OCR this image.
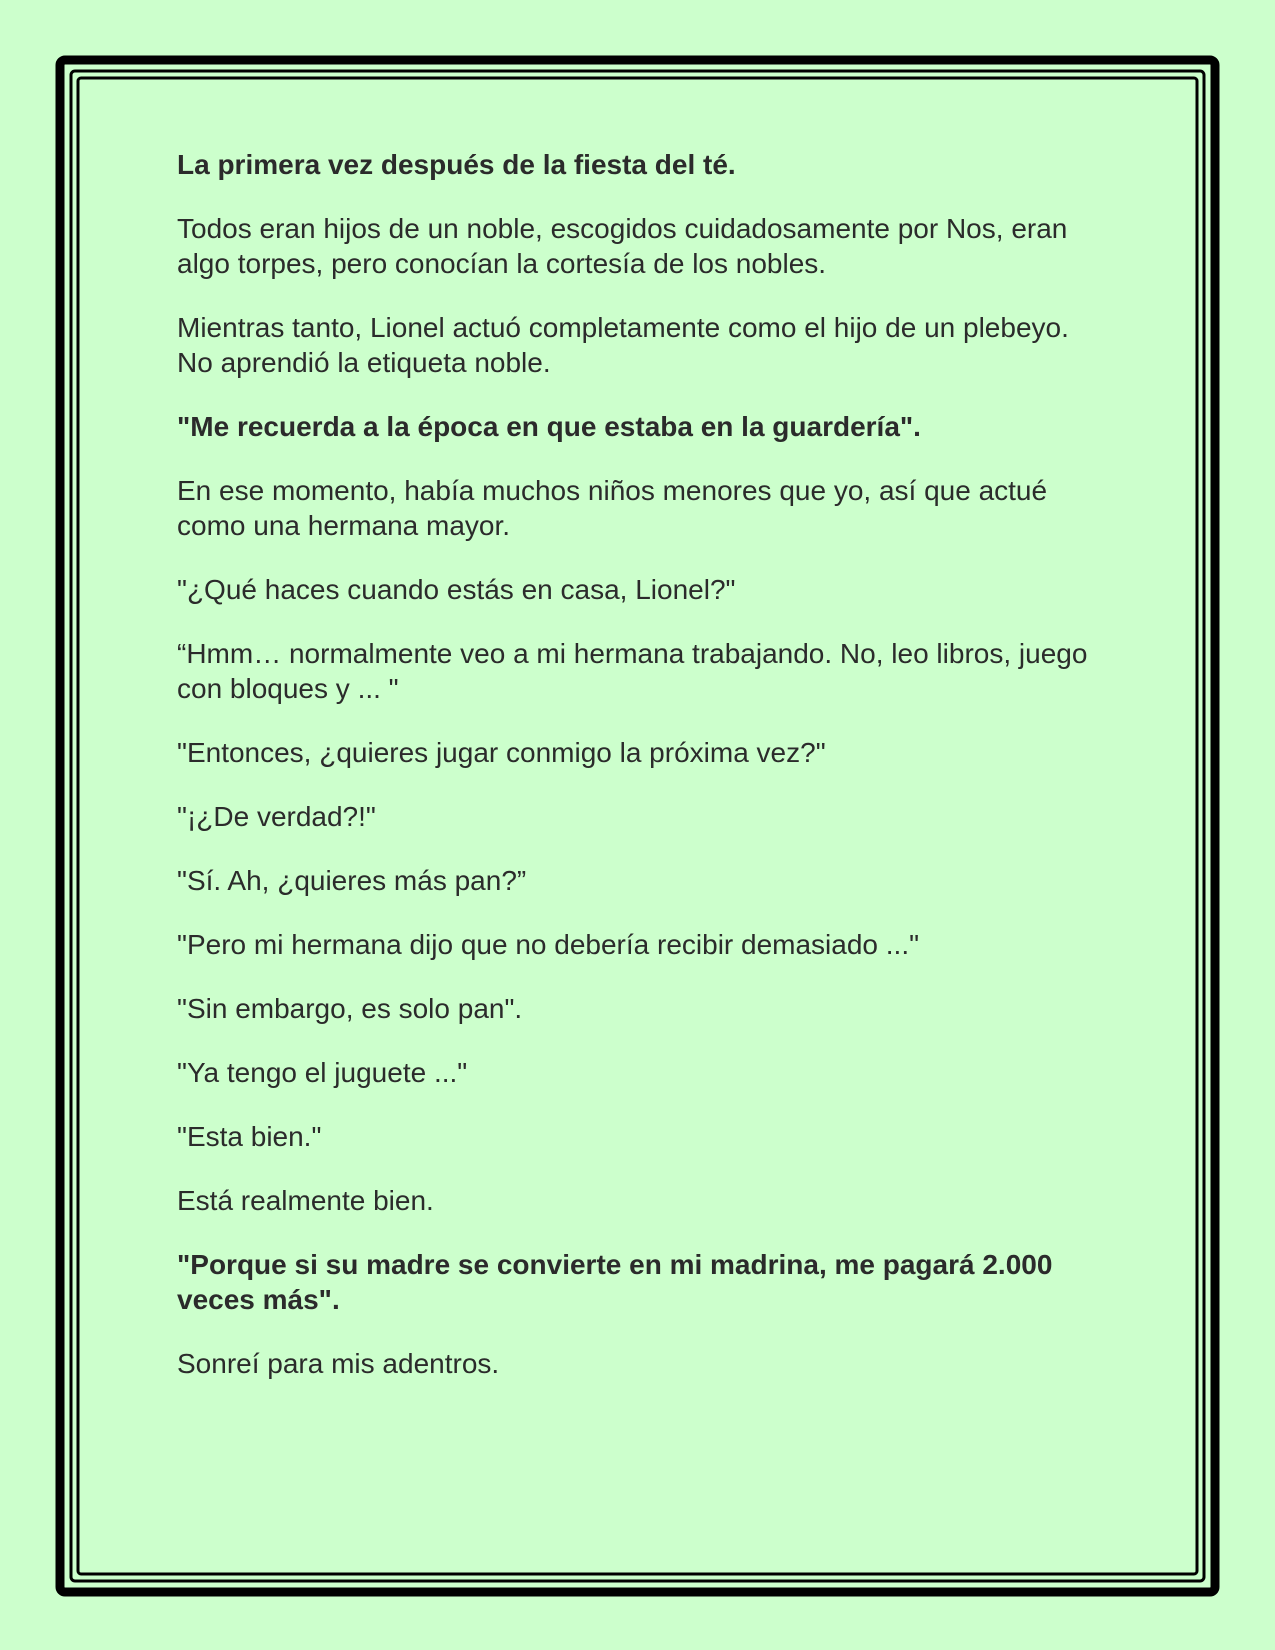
La primera vez después de la fiesta del té.

Todos eran hijos de un noble, escogidos cuidadosamente por Nos, eran algo torpes, pero conocían la cortesía de los nobles.

Mientras tanto, Lionel actuó completamente como el hijo de un plebeyo. No aprendió la etiqueta noble.

"Me recuerda a la época en que estaba en la guardería".

En ese momento, había muchos niños menores que yo, así que actué como una hermana mayor.

"¿Qué haces cuando estás en casa, Lionel?"

“Hmm… normalmente veo a mi hermana trabajando. No, leo libros, juego con bloques y ... "

"Entonces, ¿quieres jugar conmigo la próxima vez?"

"¡¿De verdad?!"

"Sí. Ah, ¿quieres más pan?”

"Pero mi hermana dijo que no debería recibir demasiado ..."

"Sin embargo, es solo pan".

"Ya tengo el juguete ..."

"Esta bien."

Está realmente bien.

"Porque si su madre se convierte en mi madrina, me pagará 2.000 veces más".

Sonreí para mis adentros.
